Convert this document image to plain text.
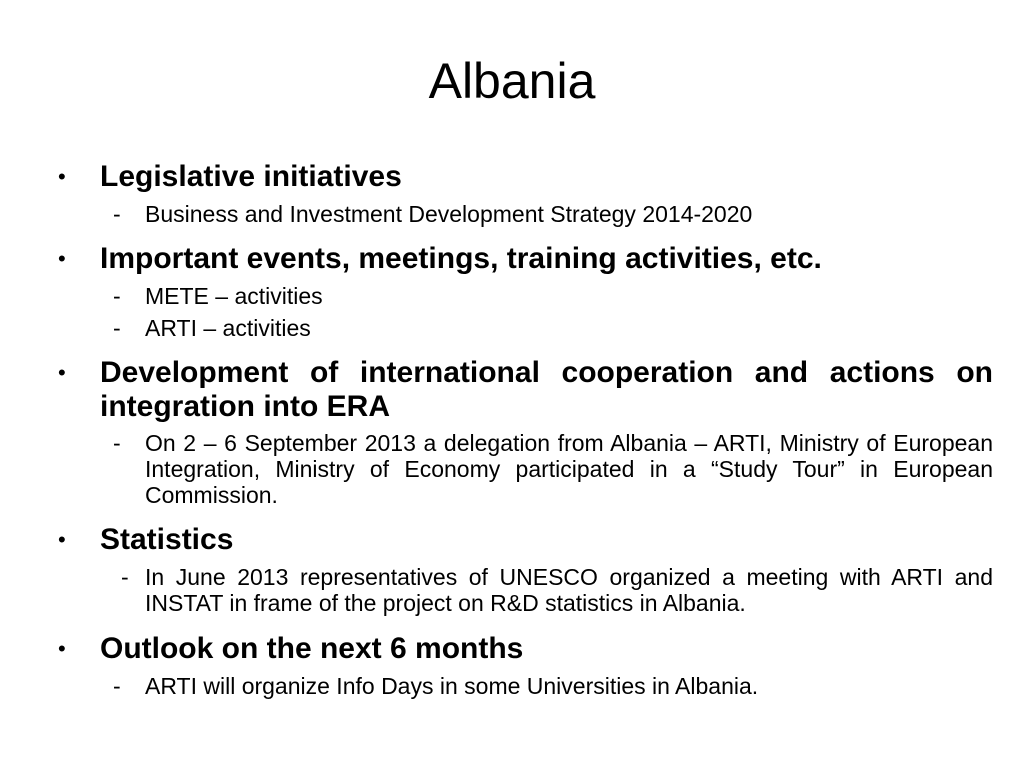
Albania
• Legislative initiatives
- Business and Investment Development Strategy 2014-2020
• Important events, meetings, training activities, etc.
- METE – activities
- ARTI – activities
• Development of international cooperation and actions on integration into ERA
- On 2 – 6 September 2013 a delegation from Albania – ARTI, Ministry of European Integration, Ministry of Economy participated in a “Study Tour” in European Commission.
• Statistics
- In June 2013 representatives of UNESCO organized a meeting with ARTI and INSTAT in frame of the project on R&D statistics in Albania.
• Outlook on the next 6 months
- ARTI will organize Info Days in some Universities in Albania.
